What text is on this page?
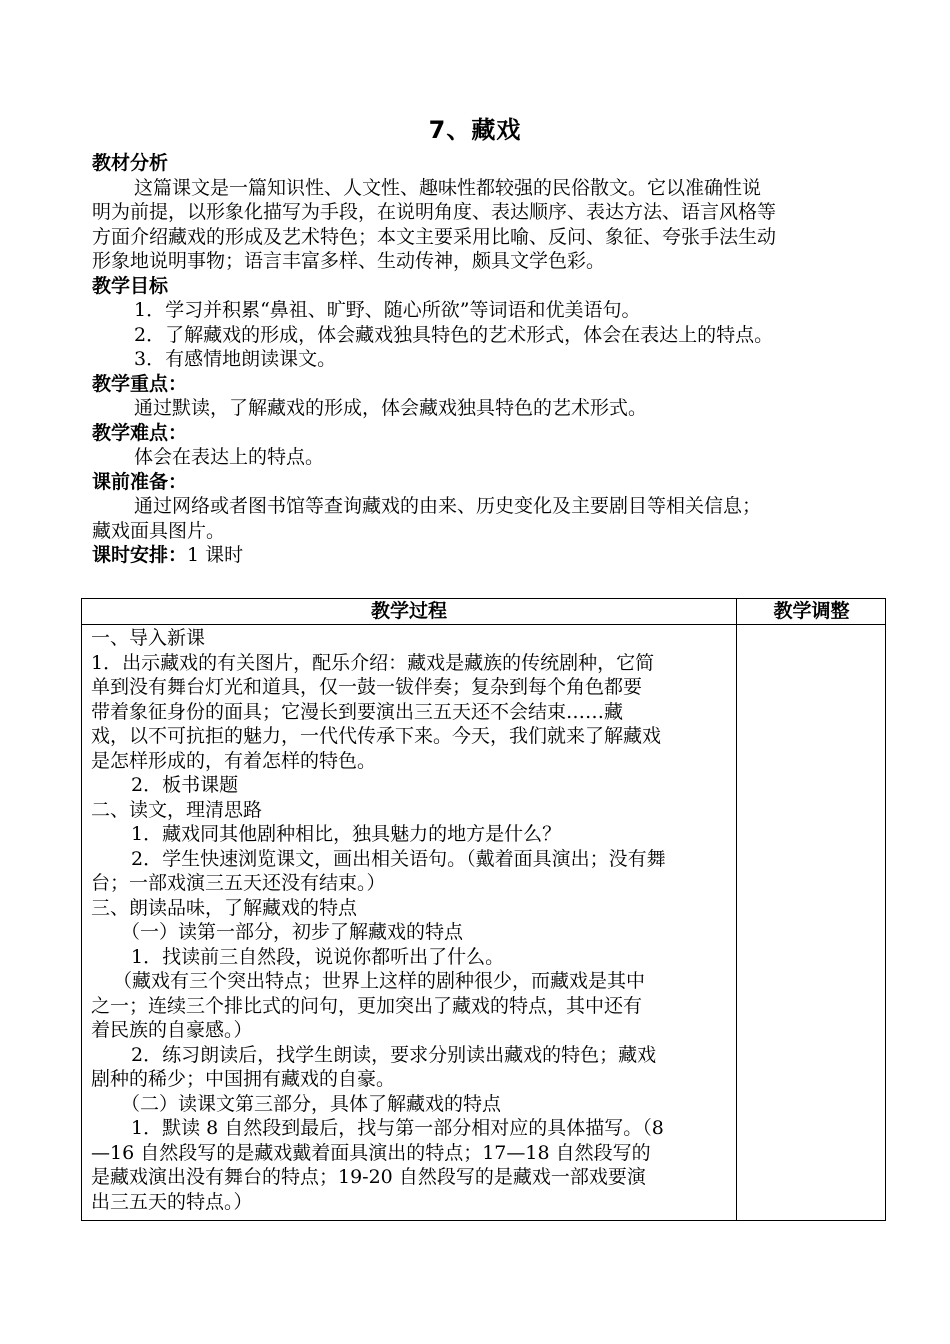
7、藏戏
教材分析
这篇课文是一篇知识性、人文性、趣味性都较强的民俗散文。它以准确性说
明为前提，以形象化描写为手段，在说明角度、表达顺序、表达方法、语言风格等
方面介绍藏戏的形成及艺术特色；本文主要采用比喻、反问、象征、夸张手法生动
形象地说明事物；语言丰富多样、生动传神，颇具文学色彩。
教学目标
1．学习并积累“鼻祖、旷野、随心所欲”等词语和优美语句。
2．了解藏戏的形成，体会藏戏独具特色的艺术形式，体会在表达上的特点。
3．有感情地朗读课文。
教学重点：
通过默读，了解藏戏的形成，体会藏戏独具特色的艺术形式。
教学难点：
体会在表达上的特点。
课前准备：
通过网络或者图书馆等查询藏戏的由来、历史变化及主要剧目等相关信息；
藏戏面具图片。
课时安排：1 课时
教学过程	教学调整
一、导入新课
1．出示藏戏的有关图片，配乐介绍：藏戏是藏族的传统剧种，它简
单到没有舞台灯光和道具，仅一鼓一钹伴奏；复杂到每个角色都要
带着象征身份的面具；它漫长到要演出三五天还不会结束……藏
戏，以不可抗拒的魅力，一代代传承下来。今天，我们就来了解藏戏
是怎样形成的，有着怎样的特色。
2．板书课题
二、读文，理清思路
1．藏戏同其他剧种相比，独具魅力的地方是什么？
2．学生快速浏览课文，画出相关语句。（戴着面具演出；没有舞
台；一部戏演三五天还没有结束。）
三、朗读品味，了解藏戏的特点
（一）读第一部分，初步了解藏戏的特点
1．找读前三自然段，说说你都听出了什么。
（藏戏有三个突出特点；世界上这样的剧种很少，而藏戏是其中
之一；连续三个排比式的问句，更加突出了藏戏的特点，其中还有
着民族的自豪感。）
2．练习朗读后，找学生朗读，要求分别读出藏戏的特色；藏戏
剧种的稀少；中国拥有藏戏的自豪。
（二）读课文第三部分，具体了解藏戏的特点
1．默读 8 自然段到最后，找与第一部分相对应的具体描写。（8
—16 自然段写的是藏戏戴着面具演出的特点；17—18 自然段写的
是藏戏演出没有舞台的特点；19-20 自然段写的是藏戏一部戏要演
出三五天的特点。）
